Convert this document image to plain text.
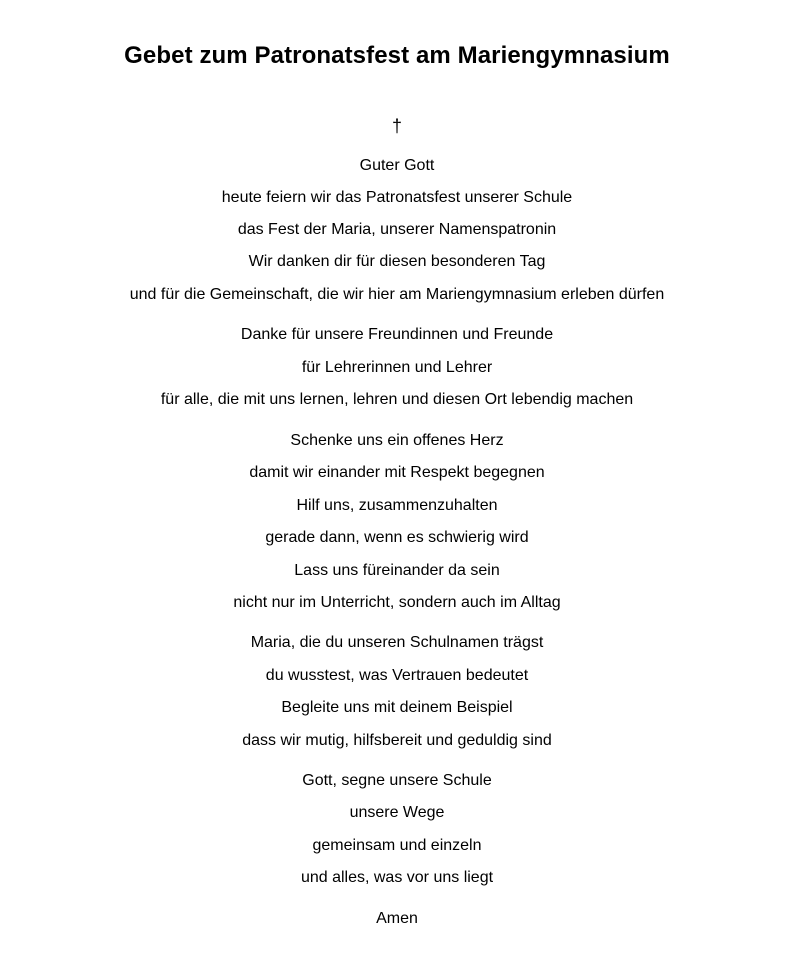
Gebet zum Patronatsfest am Mariengymnasium
†
Guter Gott
heute feiern wir das Patronatsfest unserer Schule
das Fest der Maria, unserer Namenspatronin
Wir danken dir für diesen besonderen Tag
und für die Gemeinschaft, die wir hier am Mariengymnasium erleben dürfen
Danke für unsere Freundinnen und Freunde
für Lehrerinnen und Lehrer
für alle, die mit uns lernen, lehren und diesen Ort lebendig machen
Schenke uns ein offenes Herz
damit wir einander mit Respekt begegnen
Hilf uns, zusammenzuhalten
gerade dann, wenn es schwierig wird
Lass uns füreinander da sein
nicht nur im Unterricht, sondern auch im Alltag
Maria, die du unseren Schulnamen trägst
du wusstest, was Vertrauen bedeutet
Begleite uns mit deinem Beispiel
dass wir mutig, hilfsbereit und geduldig sind
Gott, segne unsere Schule
unsere Wege
gemeinsam und einzeln
und alles, was vor uns liegt
Amen
